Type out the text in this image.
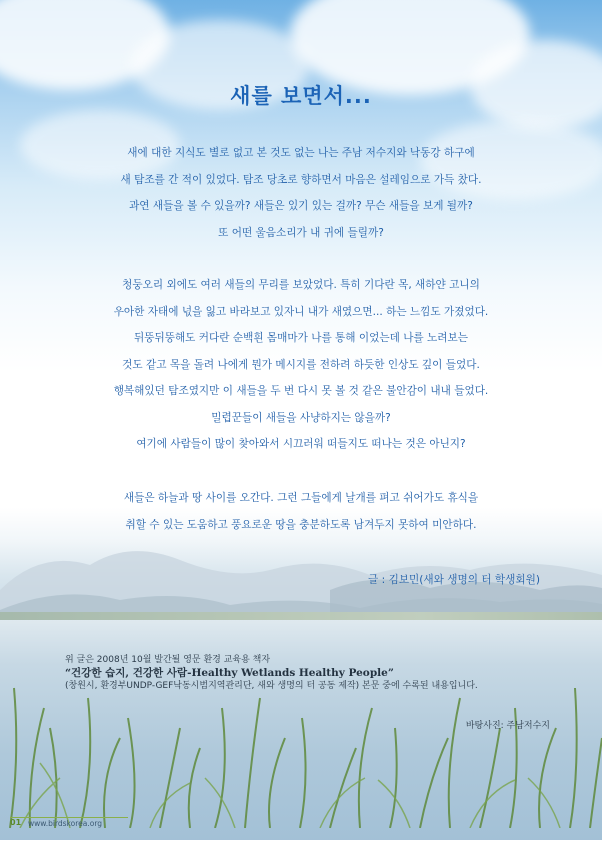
새를 보면서...
새에 대한 지식도 별로 없고 본 것도 없는 나는 주남 저수지와 낙동강 하구에
새 탐조를 간 적이 있었다. 탐조 당초로 향하면서 마음은 설레임으로 가득 찼다.
과연 새들을 볼 수 있을까? 새들은 있기 있는 걸까? 무슨 새들을 보게 될까?
또 어떤 울음소리가 내 귀에 들릴까?
청둥오리 외에도 여러 새들의 무리를 보았었다. 특히 기다란 목, 새하얀 고니의
우아한 자태에 넋을 잃고 바라보고 있자니 내가 새였으면... 하는 느낌도 가졌었다.
뒤뚱뒤뚱해도 커다란 순백흰 몸매마가 나를 통해 이었는데 나를 노려보는
것도 같고 목을 돌려 나에게 뭔가 메시지를 전하려 하듯한 인상도 깊이 들었다.
행복해있던 탐조였지만 이 새들을 두 번 다시 못 볼 것 같은 불안감이 내내 들었다.
밀렵꾼들이 새들을 사냥하지는 않을까?
여기에 사람들이 많이 찾아와서 시끄러워 떠들지도 떠나는 것은 아닌지?
새들은 하늘과 땅 사이를 오간다. 그런 그들에게 날개를 펴고 쉬어가도 휴식을
취할 수 있는 도움하고 풍요로운 땅을 충분하도록 남겨두지 못하여 미안하다.
글 : 김보민(새와 생명의 터 학생회원)
위 글은 2008년 10월 발간될 영문 환경 교육용 책자
“건강한 습지, 건강한 사람-Healthy Wetlands Healthy People”
(창원시, 환경부UNDP-GEF낙동시범지역관리단, 새와 생명의 터 공동 제작) 본문 중에 수록된 내용입니다.
바탕사진: 주남저수지
01 www.birdskorea.org
